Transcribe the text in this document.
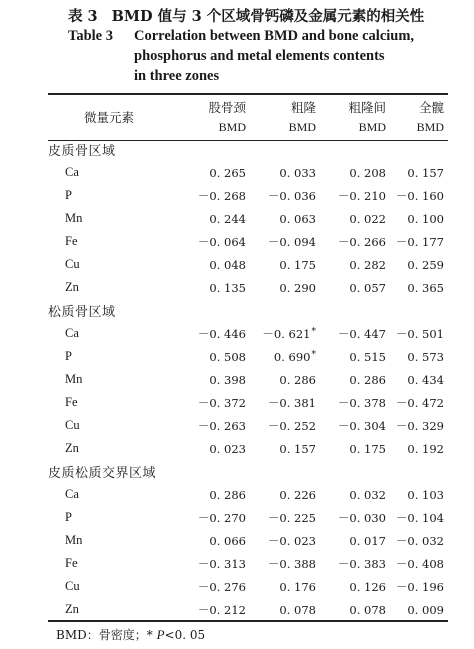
表 3 BMD 值与 3 个区域骨钙磷及金属元素的相关性
Table 3 Correlation between BMD and bone calcium,
phosphorus and metal elements contents
in three zones
微量元素	股骨颈	粗隆	粗隆间	全髋
	BMD	BMD	BMD	BMD
皮质骨区域				
Ca	0. 265	0. 033	0. 208	0. 157
P	－0. 268	－0. 036	－0. 210	－0. 160
Mn	0. 244	0. 063	0. 022	0. 100
Fe	－0. 064	－0. 094	－0. 266	－0. 177
Cu	0. 048	0. 175	0. 282	0. 259
Zn	0. 135	0. 290	0. 057	0. 365
松质骨区域				
Ca	－0. 446	－0. 621*	－0. 447	－0. 501
P	0. 508	0. 690*	0. 515	0. 573
Mn	0. 398	0. 286	0. 286	0. 434
Fe	－0. 372	－0. 381	－0. 378	－0. 472
Cu	－0. 263	－0. 252	－0. 304	－0. 329
Zn	0. 023	0. 157	0. 175	0. 192
皮质松质交界区域				
Ca	0. 286	0. 226	0. 032	0. 103
P	－0. 270	－0. 225	－0. 030	－0. 104
Mn	0. 066	－0. 023	0. 017	－0. 032
Fe	－0. 313	－0. 388	－0. 383	－0. 408
Cu	－0. 276	0. 176	0. 126	－0. 196
Zn	－0. 212	0. 078	0. 078	0. 009
BMD：骨密度；* P<0. 05
